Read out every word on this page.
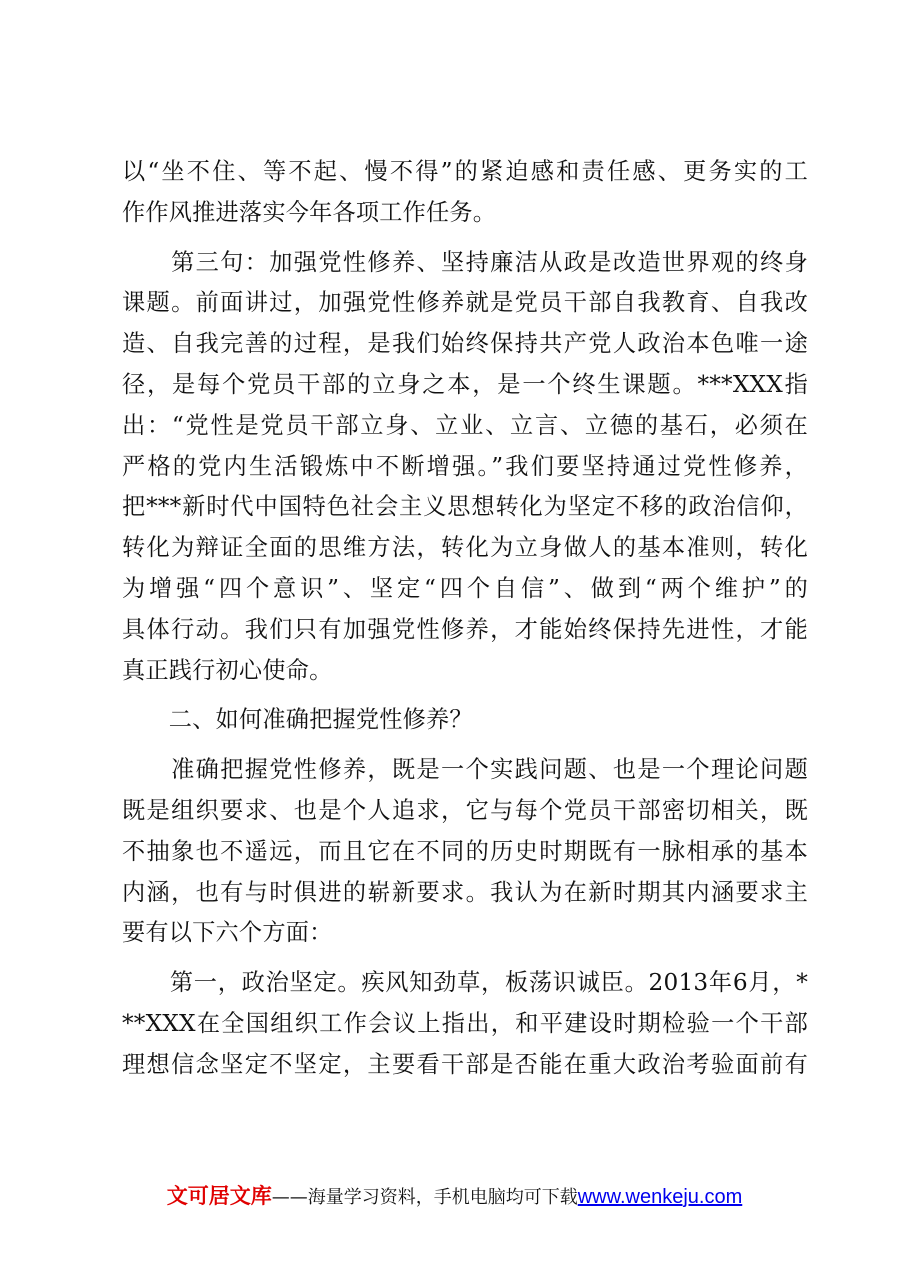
以“坐不住、等不起、慢不得”的紧迫感和责任感、更务实的工
作作风推进落实今年各项工作任务。
　　第三句：加强党性修养、坚持廉洁从政是改造世界观的终身
课题。前面讲过，加强党性修养就是党员干部自我教育、自我改
造、自我完善的过程，是我们始终保持共产党人政治本色唯一途
径，是每个党员干部的立身之本，是一个终生课题。***XXX指
出：“党性是党员干部立身、立业、立言、立德的基石，必须在
严格的党内生活锻炼中不断增强。”我们要坚持通过党性修养，
把***新时代中国特色社会主义思想转化为坚定不移的政治信仰，
转化为辩证全面的思维方法，转化为立身做人的基本准则，转化
为增强“四个意识”、坚定“四个自信”、做到“两个维护”的
具体行动。我们只有加强党性修养，才能始终保持先进性，才能
真正践行初心使命。
　　二、如何准确把握党性修养？
　　准确把握党性修养，既是一个实践问题、也是一个理论问题
既是组织要求、也是个人追求，它与每个党员干部密切相关，既
不抽象也不遥远，而且它在不同的历史时期既有一脉相承的基本
内涵，也有与时俱进的崭新要求。我认为在新时期其内涵要求主
要有以下六个方面：
　　第一，政治坚定。疾风知劲草，板荡识诚臣。2013年6月，*
**XXX在全国组织工作会议上指出，和平建设时期检验一个干部
理想信念坚定不坚定，主要看干部是否能在重大政治考验面前有
文可居文库——海量学习资料，手机电脑均可下载www.wenkeju.com
